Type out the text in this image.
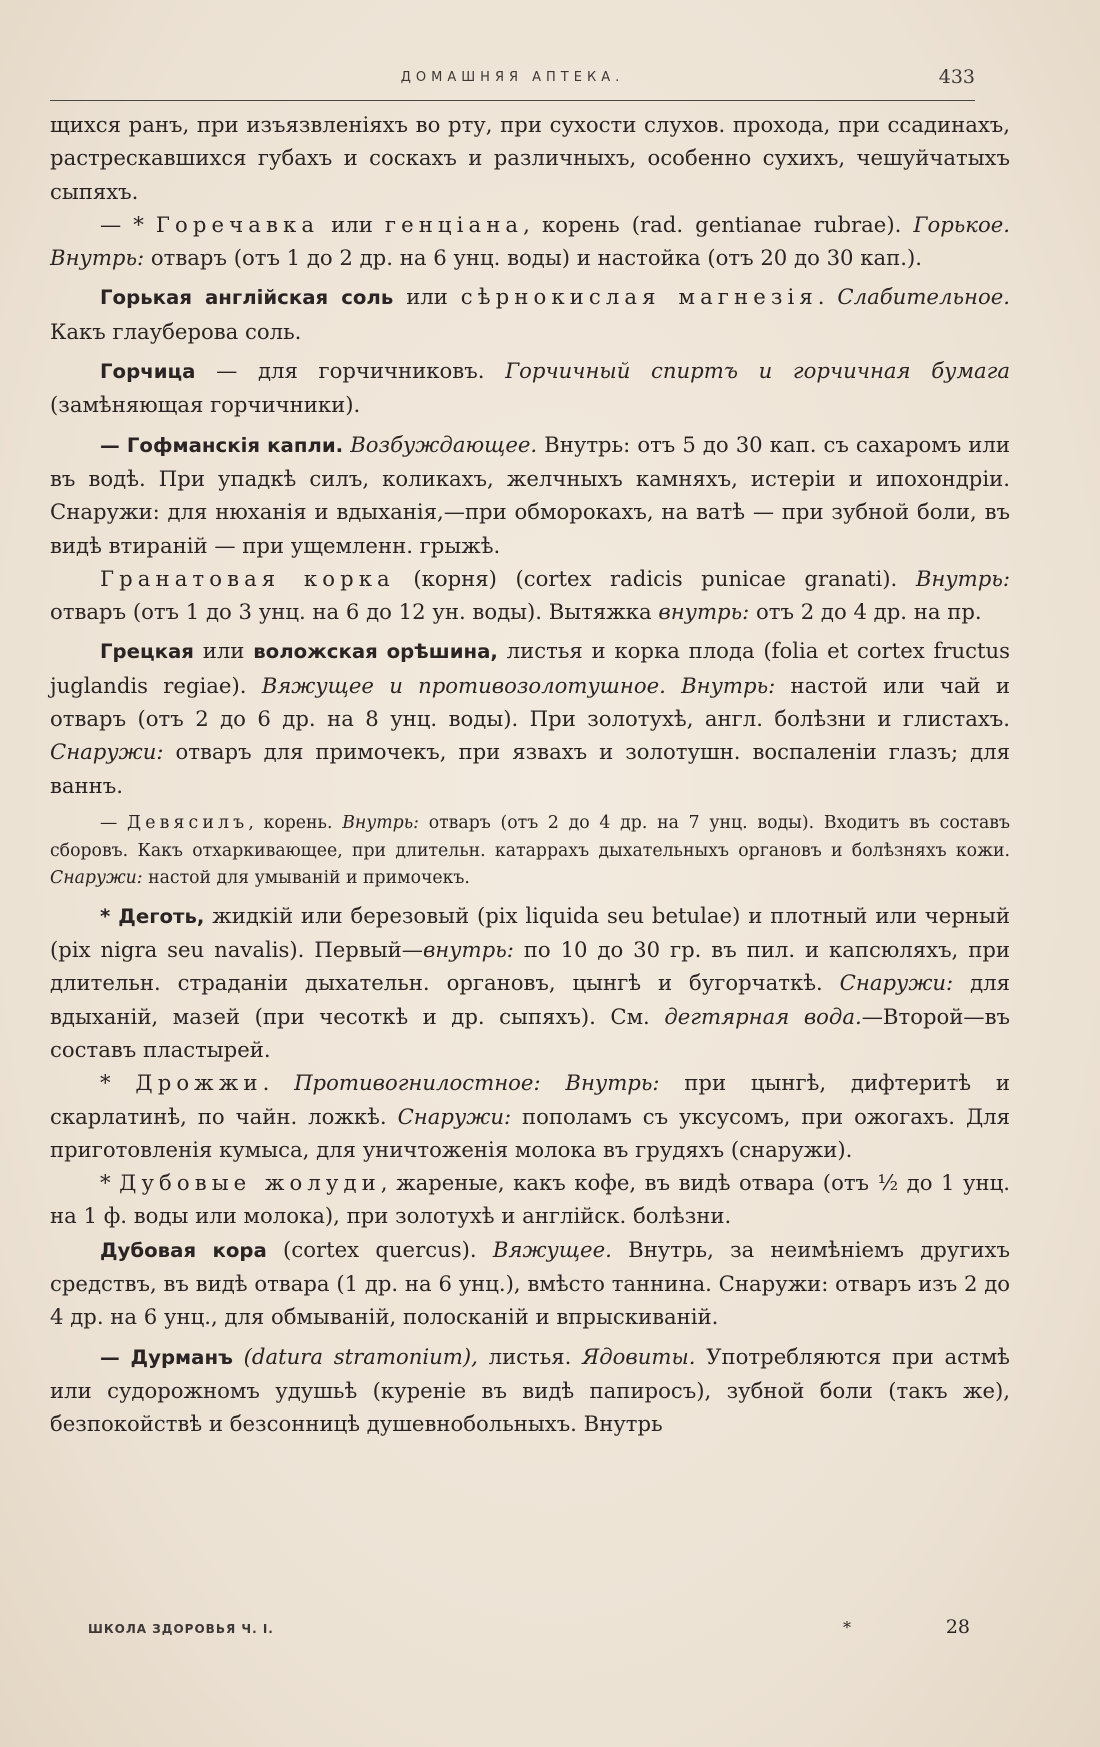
ДОМАШНЯЯ АПТЕКА.	433

щихся ранъ, при изъязвленіяхъ во рту, при сухости слухов. прохода, при ссадинахъ, растрескавшихся губахъ и соскахъ и различныхъ, особенно сухихъ, чешуйчатыхъ сыпяхъ.

— * Горечавка или генціана, корень (rad. gentianae rubrae). Горькое. Внутрь: отваръ (отъ 1 до 2 др. на 6 унц. воды) и настойка (отъ 20 до 30 кап.).

Горькая англійская соль или сѣрнокислая магнезія. Слабительное. Какъ глауберова соль.

Горчица — для горчичниковъ. Горчичный спиртъ и горчичная бумага (замѣняющая горчичники).

— Гофманскія капли. Возбуждающее. Внутрь: отъ 5 до 30 кап. съ сахаромъ или въ водѣ. При упадкѣ силъ, коликахъ, желчныхъ камняхъ, истеріи и ипохондріи. Снаружи: для нюханія и вдыханія,—при обморокахъ, на ватѣ — при зубной боли, въ видѣ втираній — при ущемленн. грыжѣ.

Гранатовая корка (корня) (cortex radicis punicae granati). Внутрь: отваръ (отъ 1 до 3 унц. на 6 до 12 ун. воды). Вытяжка внутрь: отъ 2 до 4 др. на пр.

Грецкая или воложская орѣшина, листья и корка плода (folia et cortex fructus juglandis regiae). Вяжущее и противозолотушное. Внутрь: настой или чай и отваръ (отъ 2 до 6 др. на 8 унц. воды). При золотухѣ, англ. болѣзни и глистахъ. Снаружи: отваръ для примочекъ, при язвахъ и золотушн. воспаленіи глазъ; для ваннъ.

— Девясилъ, корень. Внутрь: отваръ (отъ 2 до 4 др. на 7 унц. воды). Входитъ въ составъ сборовъ. Какъ отхаркивающее, при длительн. катаррахъ дыхательныхъ органовъ и болѣзняхъ кожи. Снаружи: настой для умываній и примочекъ.

* Деготь, жидкій или березовый (pix liquida seu betulae) и плотный или черный (pix nigra seu navalis). Первый—внутрь: по 10 до 30 гр. въ пил. и капсюляхъ, при длительн. страданіи дыхательн. органовъ, цынгѣ и бугорчаткѣ. Снаружи: для вдыханій, мазей (при чесоткѣ и др. сыпяхъ). См. дегтярная вода.—Второй—въ составъ пластырей.

* Дрожжи. Противогнилостное: Внутрь: при цынгѣ, дифтеритѣ и скарлатинѣ, по чайн. ложкѣ. Снаружи: пополамъ съ уксусомъ, при ожогахъ. Для приготовленія кумыса, для уничтоженія молока въ грудяхъ (снаружи).

* Дубовые жолуди, жареные, какъ кофе, въ видѣ отвара (отъ ½ до 1 унц. на 1 ф. воды или молока), при золотухѣ и англійск. болѣзни.

Дубовая кора (cortex quercus). Вяжущее. Внутрь, за неимѣніемъ другихъ средствъ, въ видѣ отвара (1 др. на 6 унц.), вмѣсто таннина. Снаружи: отваръ изъ 2 до 4 др. на 6 унц., для обмываній, полосканій и впрыскиваній.

— Дурманъ (datura stramonium), листья. Ядовиты. Употребляются при астмѣ или судорожномъ удушьѣ (куреніе въ видѣ папиросъ), зубной боли (такъ же), безпокойствѣ и безсонницѣ душевнобольныхъ. Внутрь

ШКОЛА ЗДОРОВЬЯ Ч. I.	*	28
